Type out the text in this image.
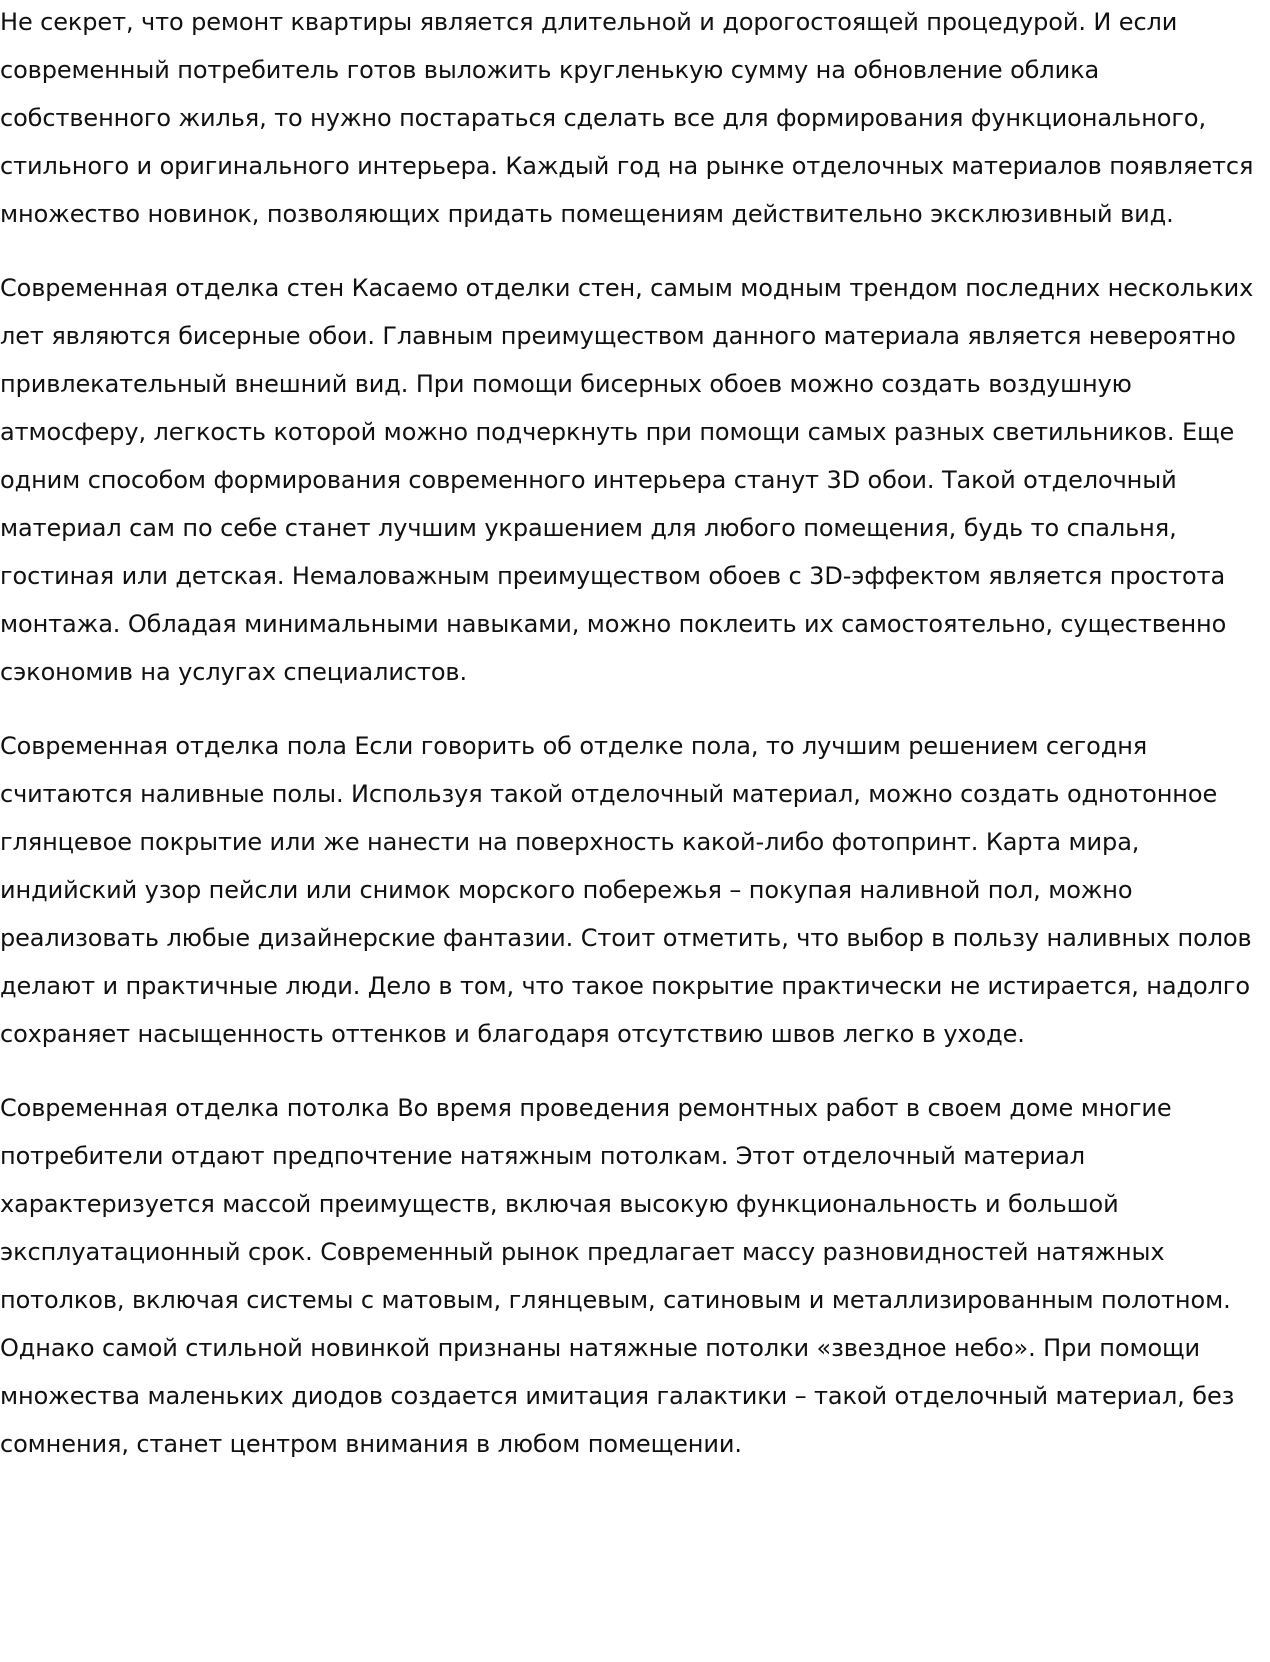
Не секрет, что ремонт квартиры является длительной и дорогостоящей процедурой. И если современный потребитель готов выложить кругленькую сумму на обновление облика собственного жилья, то нужно постараться сделать все для формирования функционального, стильного и оригинального интерьера. Каждый год на рынке отделочных материалов появляется множество новинок, позволяющих придать помещениям действительно эксклюзивный вид.

Современная отделка стен Касаемо отделки стен, самым модным трендом последних нескольких лет являются бисерные обои. Главным преимуществом данного материала является невероятно привлекательный внешний вид. При помощи бисерных обоев можно создать воздушную атмосферу, легкость которой можно подчеркнуть при помощи самых разных светильников. Еще одним способом формирования современного интерьера станут 3D обои. Такой отделочный материал сам по себе станет лучшим украшением для любого помещения, будь то спальня, гостиная или детская. Немаловажным преимуществом обоев с 3D-эффектом является простота монтажа. Обладая минимальными навыками, можно поклеить их самостоятельно, существенно сэкономив на услугах специалистов.

Современная отделка пола Если говорить об отделке пола, то лучшим решением сегодня считаются наливные полы. Используя такой отделочный материал, можно создать однотонное глянцевое покрытие или же нанести на поверхность какой-либо фотопринт. Карта мира, индийский узор пейсли или снимок морского побережья – покупая наливной пол, можно реализовать любые дизайнерские фантазии. Стоит отметить, что выбор в пользу наливных полов делают и практичные люди. Дело в том, что такое покрытие практически не истирается, надолго сохраняет насыщенность оттенков и благодаря отсутствию швов легко в уходе.

Современная отделка потолка Во время проведения ремонтных работ в своем доме многие потребители отдают предпочтение натяжным потолкам. Этот отделочный материал характеризуется массой преимуществ, включая высокую функциональность и большой эксплуатационный срок. Современный рынок предлагает массу разновидностей натяжных потолков, включая системы с матовым, глянцевым, сатиновым и металлизированным полотном. Однако самой стильной новинкой признаны натяжные потолки «звездное небо». При помощи множества маленьких диодов создается имитация галактики – такой отделочный материал, без сомнения, станет центром внимания в любом помещении.
